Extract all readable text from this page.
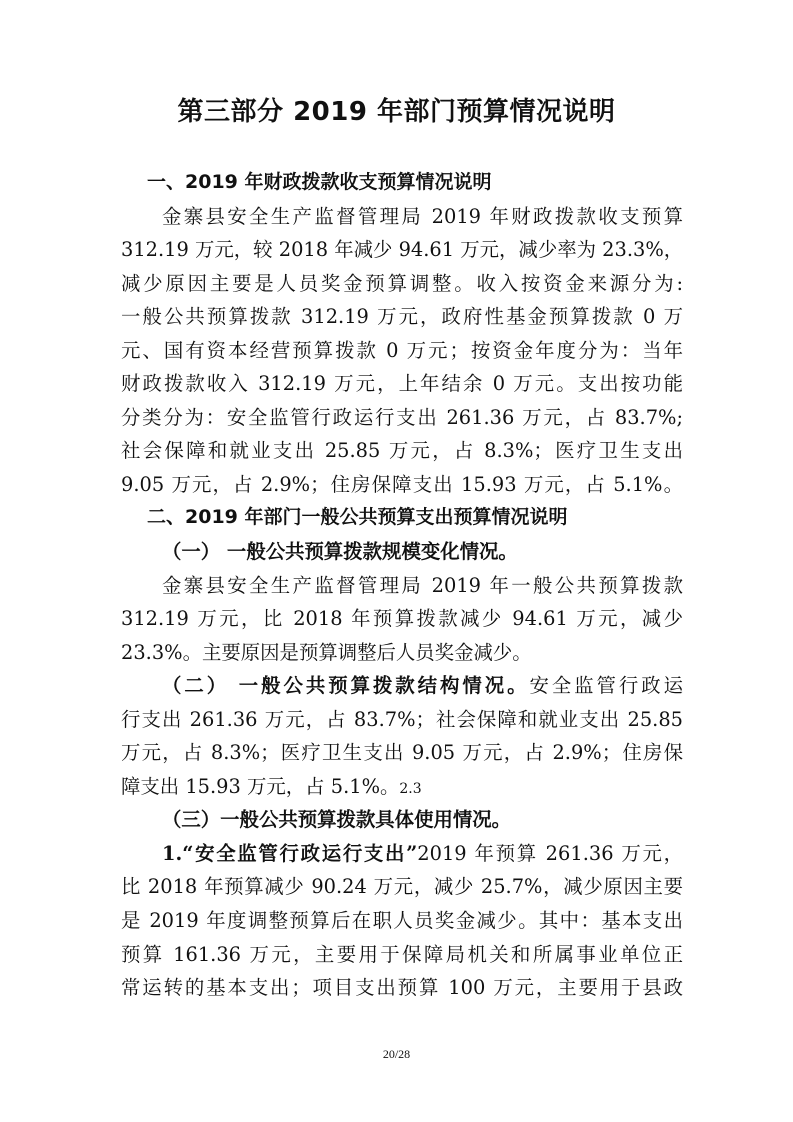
第三部分 2019 年部门预算情况说明
一、2019 年财政拨款收支预算情况说明
金寨县安全生产监督管理局 2019 年财政拨款收支预算
312.19 万元，较 2018 年减少 94.61 万元，减少率为 23.3%，
减少原因主要是人员奖金预算调整。收入按资金来源分为:
一般公共预算拨款 312.19 万元，政府性基金预算拨款 0 万
元、国有资本经营预算拨款 0 万元；按资金年度分为：当年
财政拨款收入 312.19 万元，上年结余 0 万元。支出按功能
分类分为：安全监管行政运行支出 261.36 万元，占 83.7%;
社会保障和就业支出 25.85 万元，占 8.3%；医疗卫生支出
9.05 万元，占 2.9%；住房保障支出 15.93 万元，占 5.1%。
二、2019 年部门一般公共预算支出预算情况说明
（一） 一般公共预算拨款规模变化情况。
金寨县安全生产监督管理局 2019 年一般公共预算拨款
312.19 万元，比 2018 年预算拨款减少 94.61 万元，减少
23.3%。主要原因是预算调整后人员奖金减少。
（二） 一般公共预算拨款结构情况。安全监管行政运
行支出 261.36 万元，占 83.7%；社会保障和就业支出 25.85
万元，占 8.3%；医疗卫生支出 9.05 万元，占 2.9%；住房保
障支出 15.93 万元，占 5.1%。2.3
（三）一般公共预算拨款具体使用情况。
1.“安全监管行政运行支出”2019 年预算 261.36 万元，
比 2018 年预算减少 90.24 万元，减少 25.7%，减少原因主要
是 2019 年度调整预算后在职人员奖金减少。其中：基本支出
预算 161.36 万元，主要用于保障局机关和所属事业单位正
常运转的基本支出；项目支出预算 100 万元，主要用于县政
20/28
